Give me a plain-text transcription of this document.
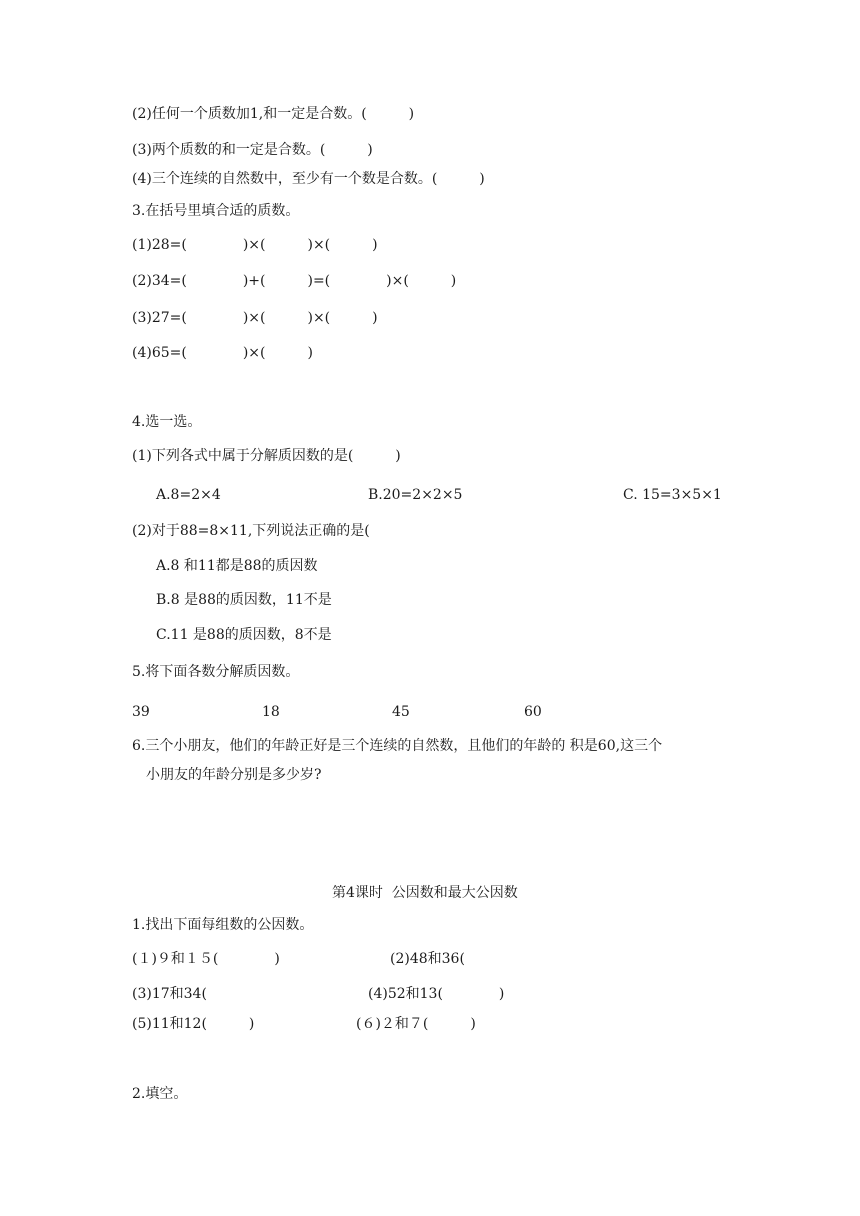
(2)任何一个质数加1,和一定是合数。(　　　)
(3)两个质数的和一定是合数。(　　　)
(4)三个连续的自然数中，至少有一个数是合数。(　　　)
3.在括号里填合适的质数。
(1)28=(　　　　)×(　　　)×(　　　)
(2)34=(　　　　)+(　　　)=(　　　　)×(　　　)
(3)27=(　　　　)×(　　　)×(　　　)
(4)65=(　　　　)×(　　　)
4.选一选。
(1)下列各式中属于分解质因数的是(　　　)
A.8=2×4	B.20=2×2×5	C. 15=3×5×1
(2)对于88=8×11,下列说法正确的是(
A.8 和11都是88的质因数
B.8 是88的质因数，11不是
C.11 是88的质因数，8不是
5.将下面各数分解质因数。
39	18	45	60
6.三个小朋友，他们的年龄正好是三个连续的自然数，且他们的年龄的 积是60,这三个
小朋友的年龄分别是多少岁?
第4课时  公因数和最大公因数
1.找出下面每组数的公因数。
(１)９和１５(　　　　)	(2)48和36(
(3)17和34(	(4)52和13(　　　　)
(5)11和12(　　　)	(６)２和７(　　　)
2.填空。
